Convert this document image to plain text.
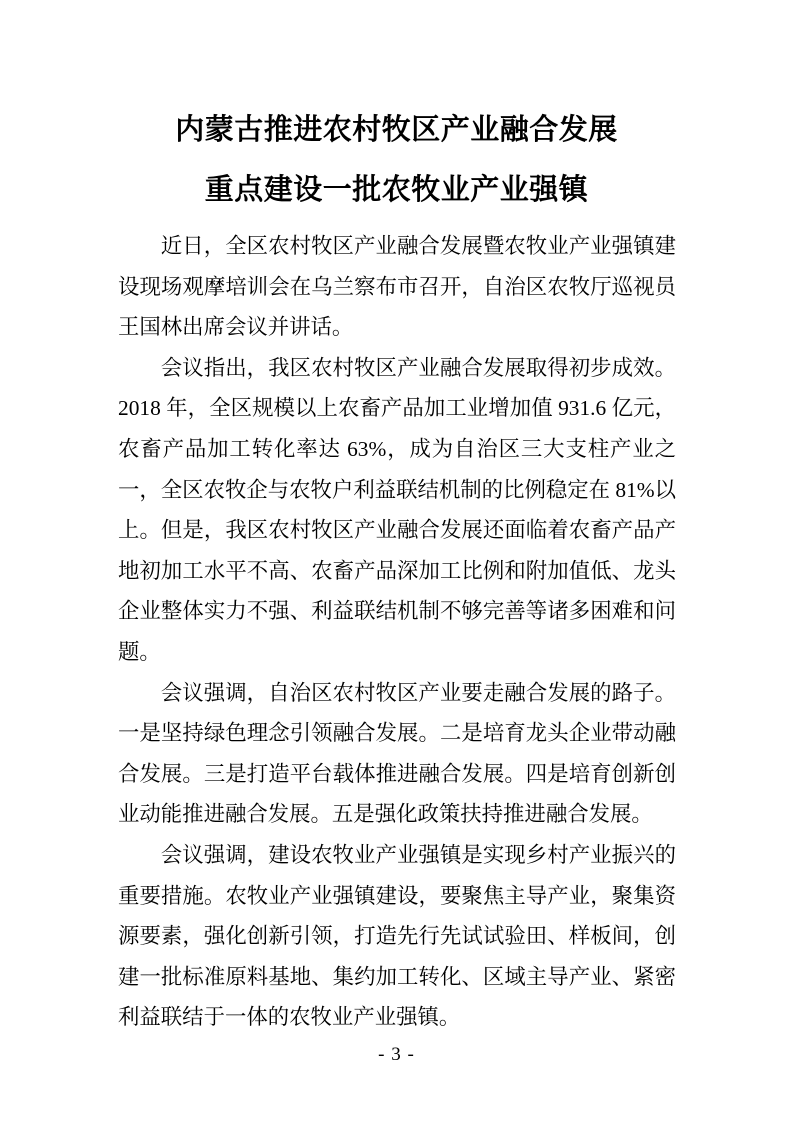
内蒙古推进农村牧区产业融合发展
重点建设一批农牧业产业强镇

近日，全区农村牧区产业融合发展暨农牧业产业强镇建设现场观摩培训会在乌兰察布市召开，自治区农牧厅巡视员王国林出席会议并讲话。

会议指出，我区农村牧区产业融合发展取得初步成效。2018 年，全区规模以上农畜产品加工业增加值 931.6 亿元，农畜产品加工转化率达 63%，成为自治区三大支柱产业之一，全区农牧企与农牧户利益联结机制的比例稳定在 81%以上。但是，我区农村牧区产业融合发展还面临着农畜产品产地初加工水平不高、农畜产品深加工比例和附加值低、龙头企业整体实力不强、利益联结机制不够完善等诸多困难和问题。

会议强调，自治区农村牧区产业要走融合发展的路子。一是坚持绿色理念引领融合发展。二是培育龙头企业带动融合发展。三是打造平台载体推进融合发展。四是培育创新创业动能推进融合发展。五是强化政策扶持推进融合发展。

会议强调，建设农牧业产业强镇是实现乡村产业振兴的重要措施。农牧业产业强镇建设，要聚焦主导产业，聚集资源要素，强化创新引领，打造先行先试试验田、样板间，创建一批标准原料基地、集约加工转化、区域主导产业、紧密利益联结于一体的农牧业产业强镇。

- 3 -
